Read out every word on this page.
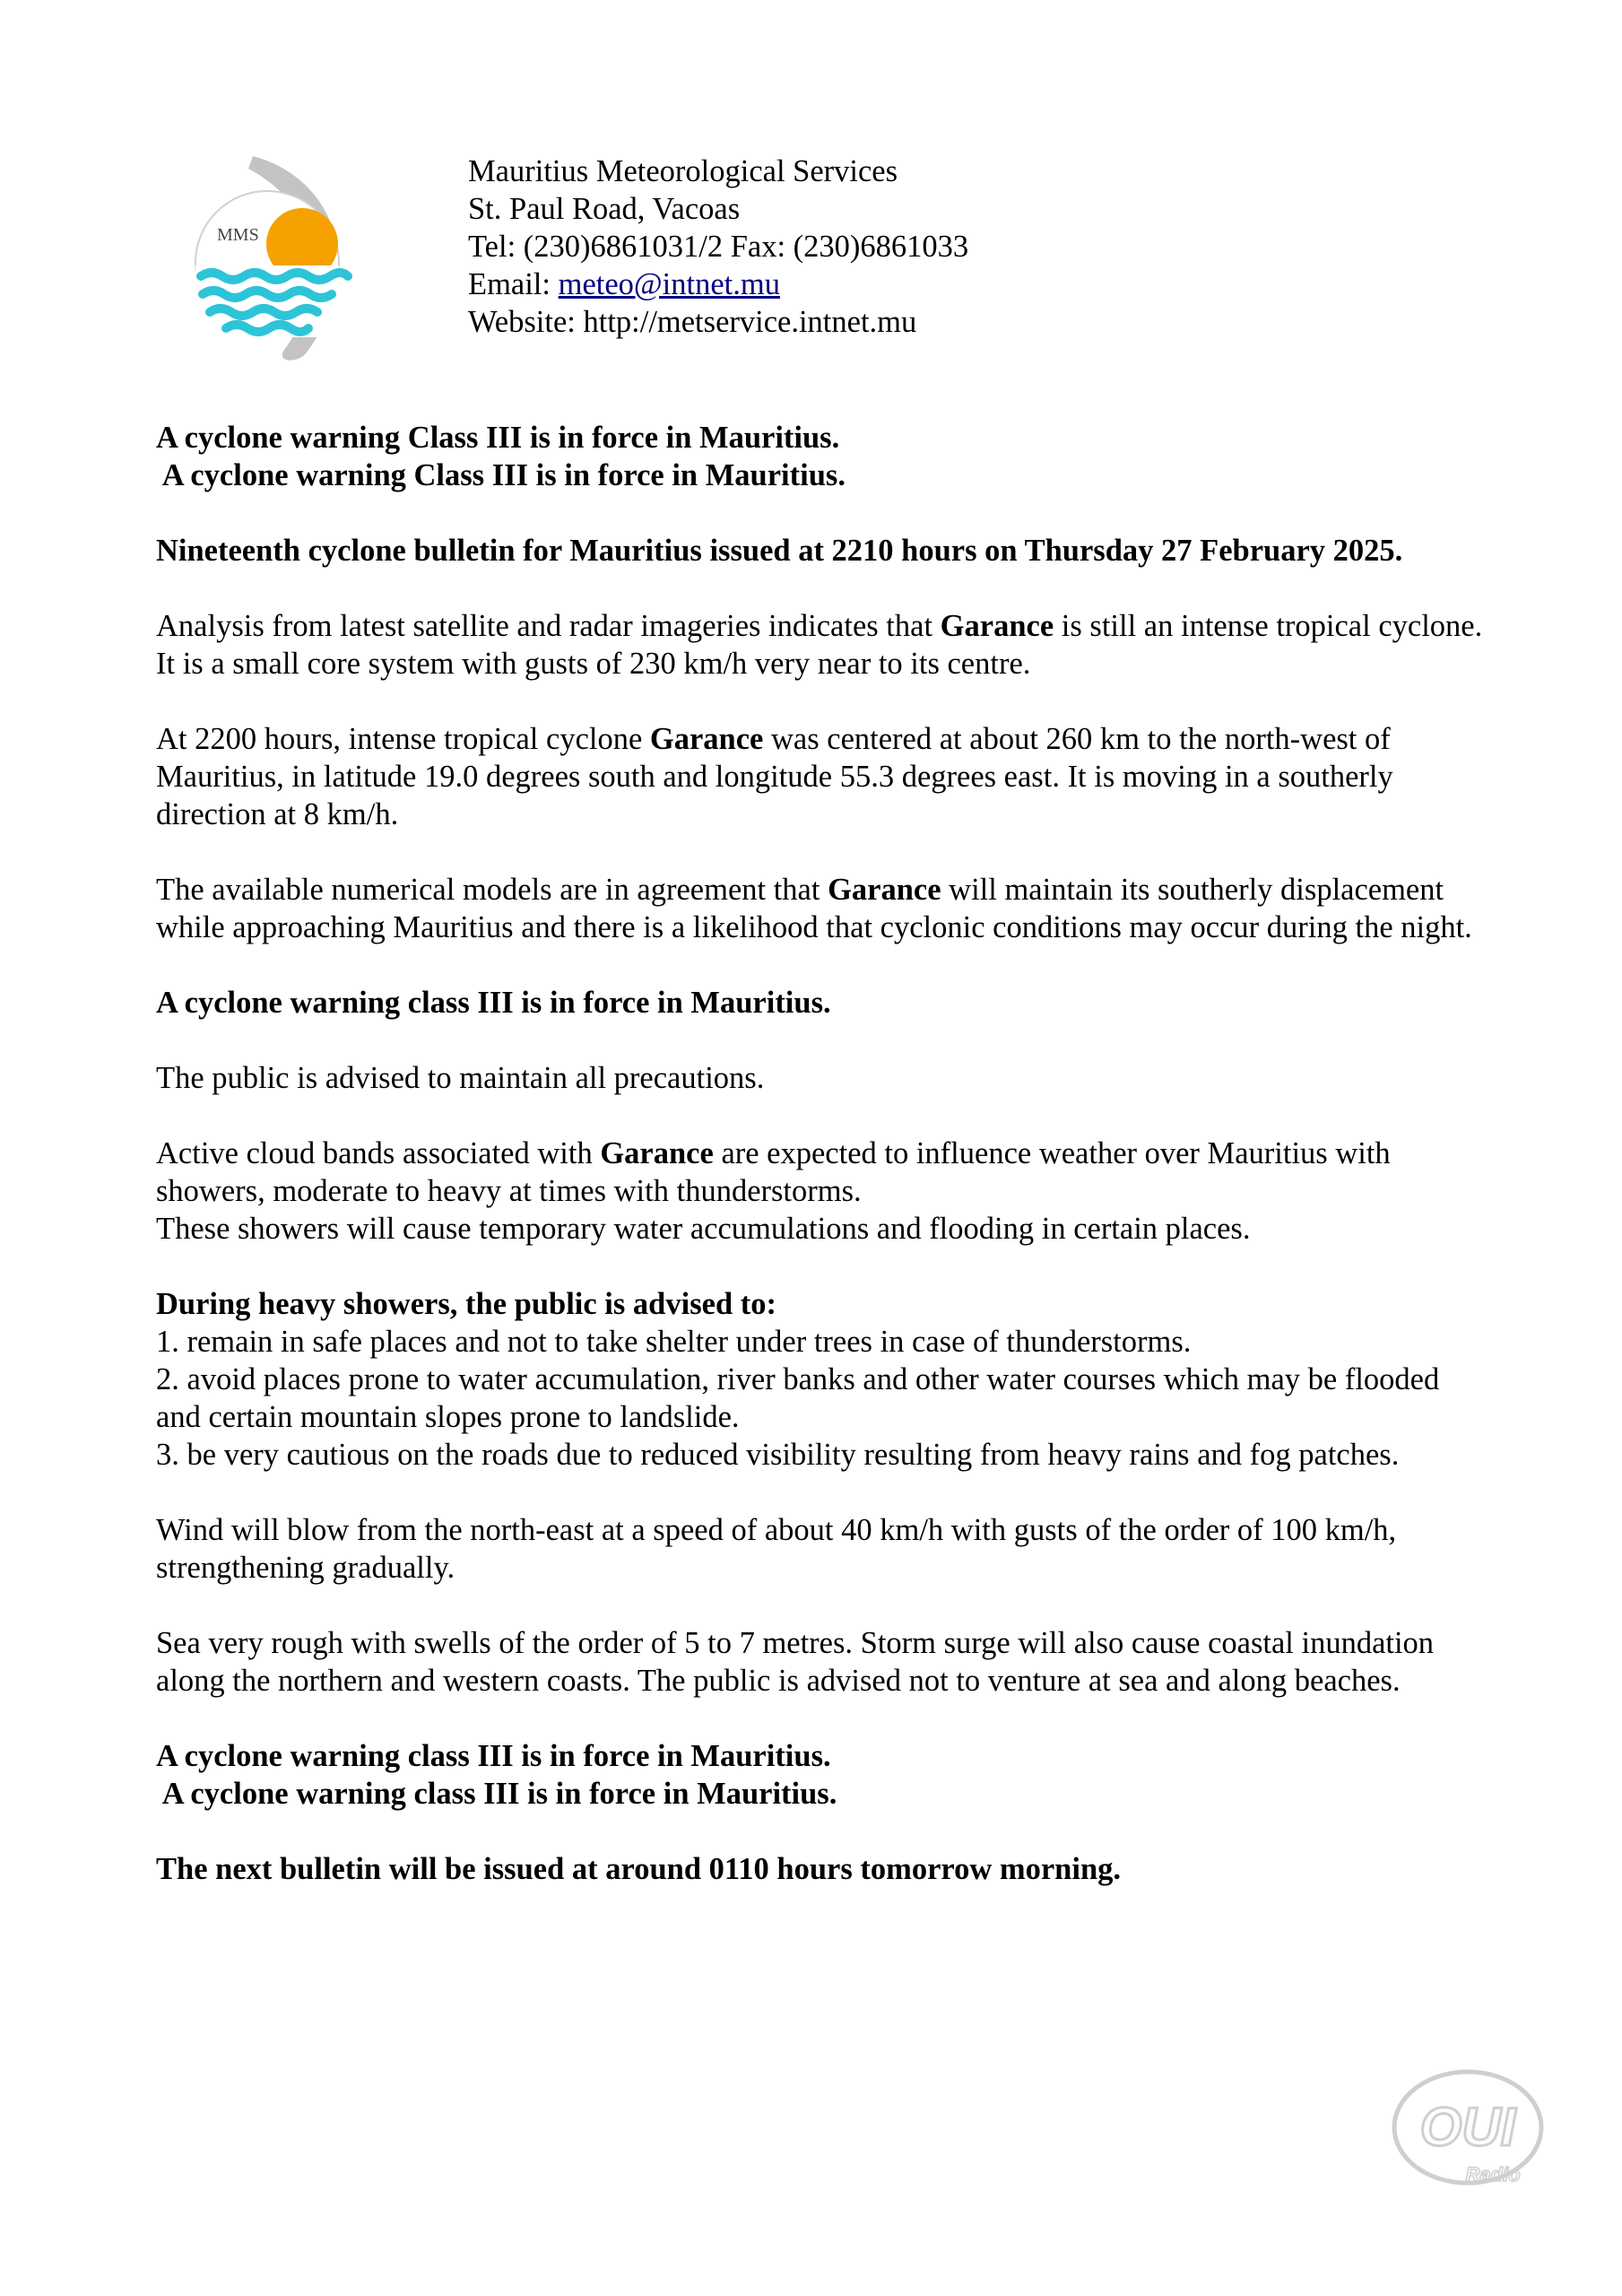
MMS
Mauritius Meteorological Services
St. Paul Road, Vacoas
Tel: (230)6861031/2 Fax: (230)6861033
Email: meteo@intnet.mu
Website: http://metservice.intnet.mu

A cyclone warning Class III is in force in Mauritius.
A cyclone warning Class III is in force in Mauritius.

Nineteenth cyclone bulletin for Mauritius issued at 2210 hours on Thursday 27 February 2025.

Analysis from latest satellite and radar imageries indicates that Garance is still an intense tropical cyclone. It is a small core system with gusts of 230 km/h very near to its centre.

At 2200 hours, intense tropical cyclone Garance was centered at about 260 km to the north-west of Mauritius, in latitude 19.0 degrees south and longitude 55.3 degrees east. It is moving in a southerly direction at 8 km/h.

The available numerical models are in agreement that Garance will maintain its southerly displacement while approaching Mauritius and there is a likelihood that cyclonic conditions may occur during the night.

A cyclone warning class III is in force in Mauritius.

The public is advised to maintain all precautions.

Active cloud bands associated with Garance are expected to influence weather over Mauritius with showers, moderate to heavy at times with thunderstorms.
These showers will cause temporary water accumulations and flooding in certain places.

During heavy showers, the public is advised to:
1. remain in safe places and not to take shelter under trees in case of thunderstorms.
2. avoid places prone to water accumulation, river banks and other water courses which may be flooded and certain mountain slopes prone to landslide.
3. be very cautious on the roads due to reduced visibility resulting from heavy rains and fog patches.

Wind will blow from the north-east at a speed of about 40 km/h with gusts of the order of 100 km/h, strengthening gradually.

Sea very rough with swells of the order of 5 to 7 metres. Storm surge will also cause coastal inundation along the northern and western coasts. The public is advised not to venture at sea and along beaches.

A cyclone warning class III is in force in Mauritius.
A cyclone warning class III is in force in Mauritius.

The next bulletin will be issued at around 0110 hours tomorrow morning.

OUI
Radio
